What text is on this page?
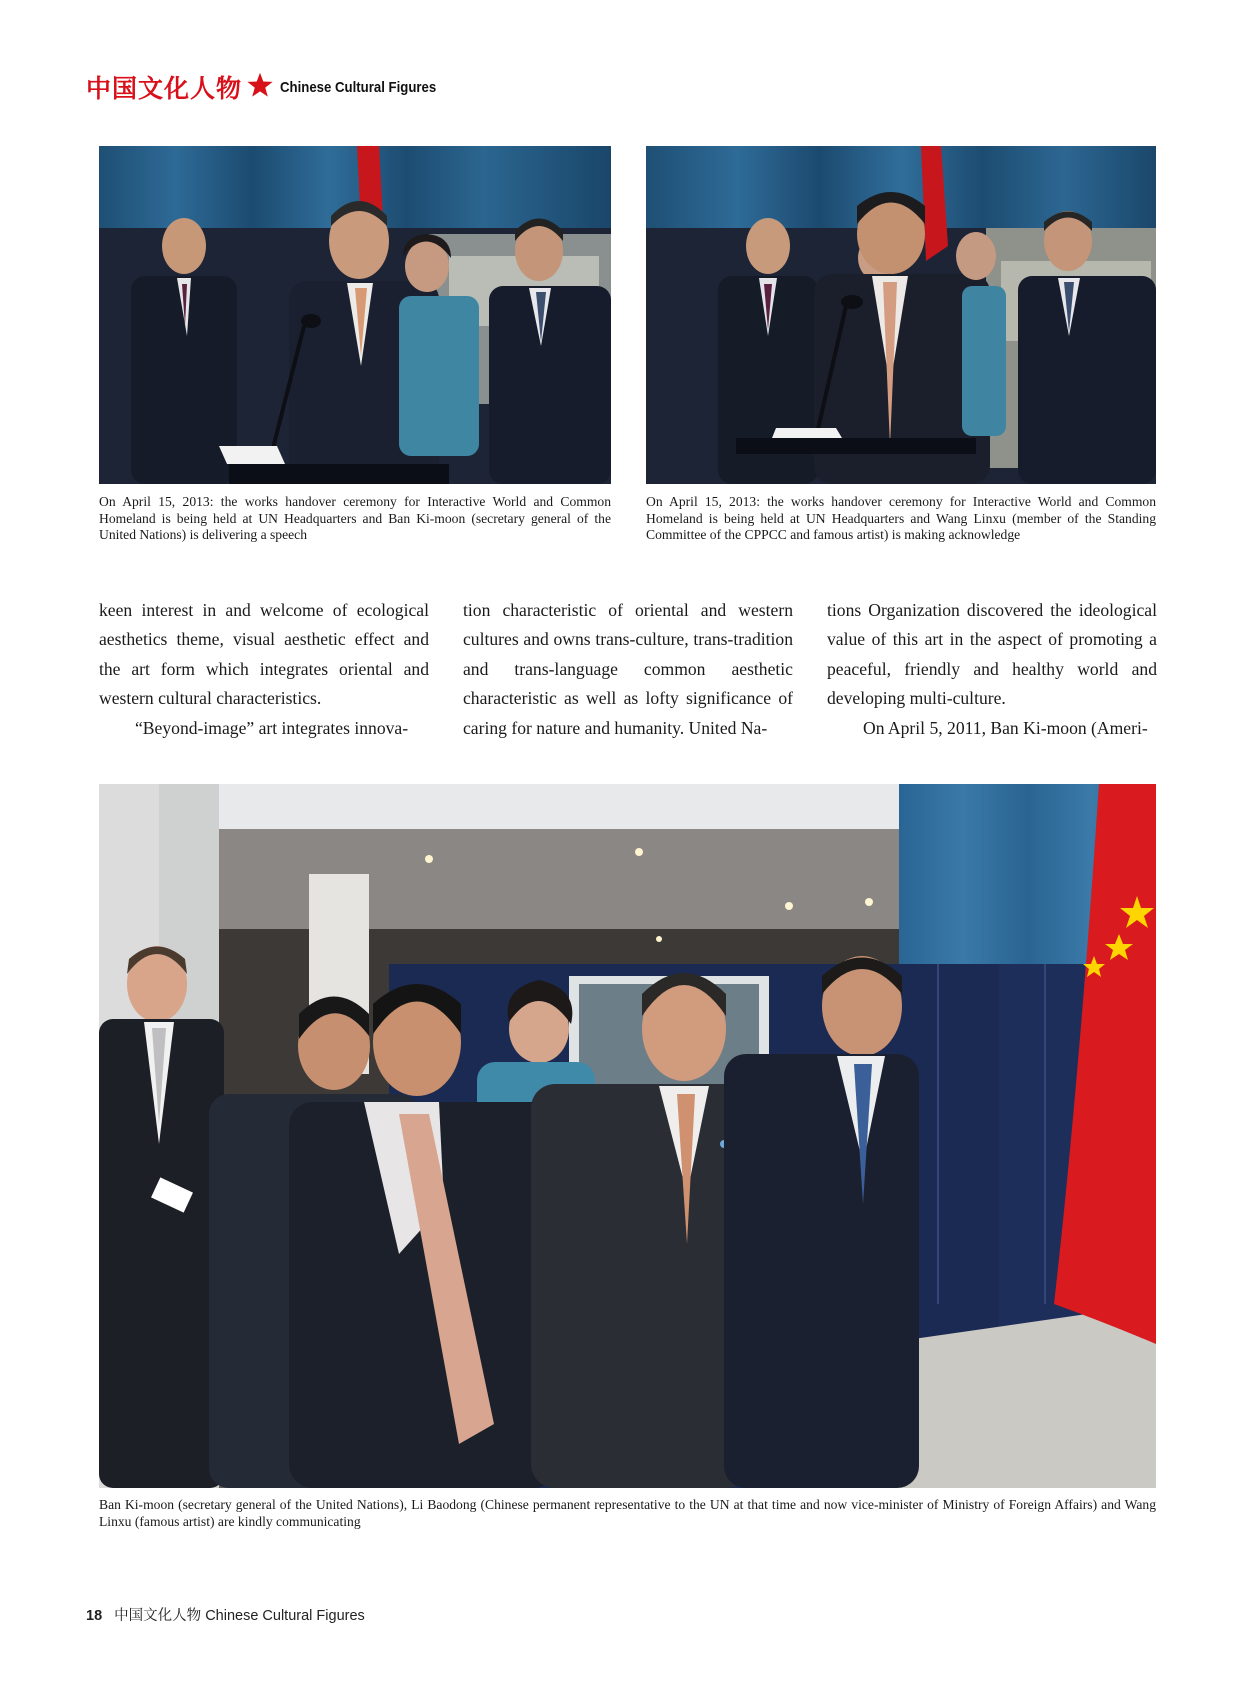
中国文化人物	Chinese Cultural Figures
On April 15, 2013: the works handover ceremony for Interactive World and Common Homeland is being held at UN Headquarters and Ban Ki-moon (secretary general of the United Nations) is delivering a speech
On April 15, 2013: the works handover ceremony for Interactive World and Common Homeland is being held at UN Headquarters and Wang Linxu (member of the Standing Committee of the CPPCC and famous artist) is making acknowledge

keen interest in and welcome of ecological aesthetics theme, visual aesthetic effect and the art form which integrates oriental and western cultural characteristics.

“Beyond-image” art integrates innova-

tion characteristic of oriental and western cultures and owns trans-culture, trans-tradition and trans-language common aesthetic characteristic as well as lofty significance of caring for nature and humanity. United Na-

tions Organization discovered the ideological value of this art in the aspect of promoting a peaceful, friendly and healthy world and developing multi-culture.

On April 5, 2011, Ban Ki-moon (Ameri-

Ban Ki-moon (secretary general of the United Nations), Li Baodong (Chinese permanent representative to the UN at that time and now vice-minister of Ministry of Foreign Affairs) and Wang Linxu (famous artist) are kindly communicating
18 中国文化人物 Chinese Cultural Figures
